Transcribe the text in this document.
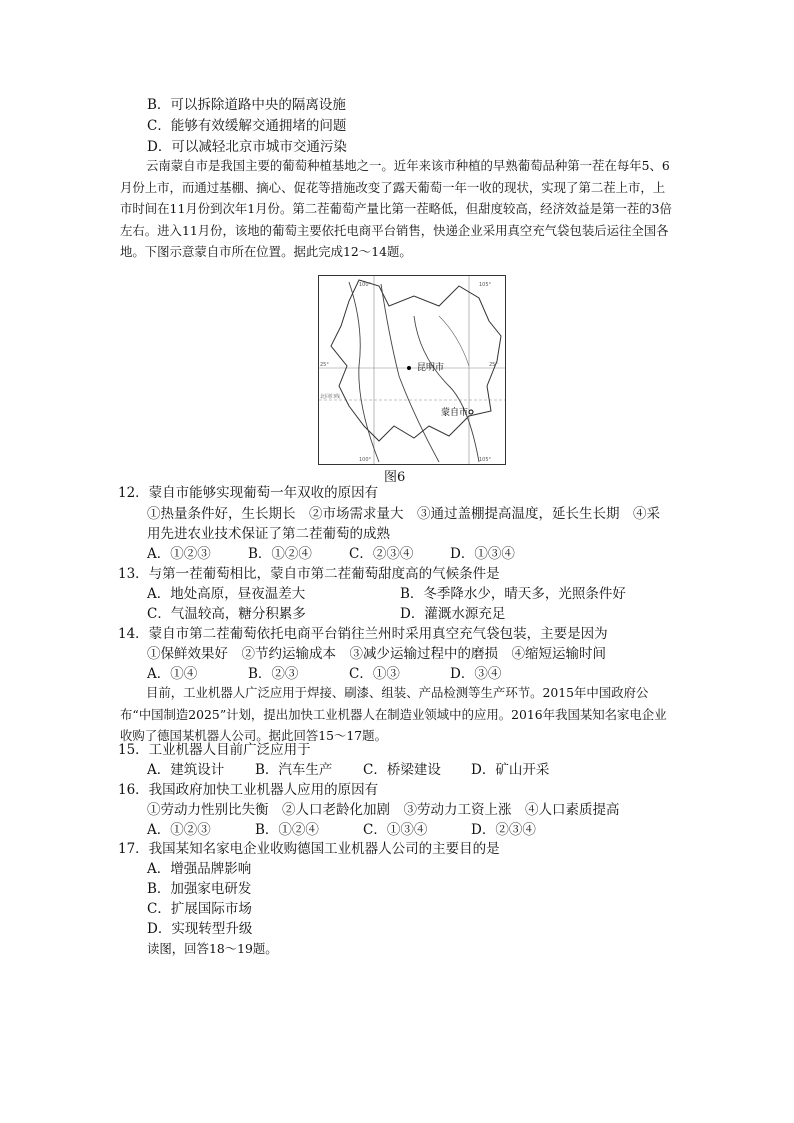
B．可以拆除道路中央的隔离设施
C．能够有效缓解交通拥堵的问题
D．可以减轻北京市城市交通污染
云南蒙自市是我国主要的葡萄种植基地之一。近年来该市种植的早熟葡萄品种第一茬在每年5、6月份上市，而通过基棚、摘心、促花等措施改变了露天葡萄一年一收的现状，实现了第二茬上市，上市时间在11月份到次年1月份。第二茬葡萄产量比第一茬略低，但甜度较高，经济效益是第一茬的3倍左右。进入11月份，该地的葡萄主要依托电商平台销售，快递企业采用真空充气袋包装后运往全国各地。下图示意蒙自市所在位置。据此完成12～14题。
昆明市
蒙自市
100°	105°
25°	25°
北回归线
100°	105°
图6
12．蒙自市能够实现葡萄一年双收的原因有
①热量条件好，生长期长　②市场需求量大　③通过盖棚提高温度，延长生长期　④采
用先进农业技术保证了第二茬葡萄的成熟
A．①②③	B．①②④	C．②③④	D．①③④
13．与第一茬葡萄相比，蒙自市第二茬葡萄甜度高的气候条件是
A．地处高原，昼夜温差大	B．冬季降水少，晴天多，光照条件好
C．气温较高，糖分积累多	D．灌溉水源充足
14．蒙自市第二茬葡萄依托电商平台销往兰州时采用真空充气袋包装，主要是因为
①保鲜效果好　②节约运输成本　③减少运输过程中的磨损　④缩短运输时间
A．①④	B．②③	C．①③	D．③④
目前，工业机器人广泛应用于焊接、刷漆、组装、产品检测等生产环节。2015年中国政府公布“中国制造2025”计划，提出加快工业机器人在制造业领域中的应用。2016年我国某知名家电企业收购了德国某机器人公司。据此回答15～17题。
15．工业机器人目前广泛应用于
A．建筑设计	B．汽车生产	C．桥梁建设	D．矿山开采
16．我国政府加快工业机器人应用的原因有
①劳动力性别比失衡　②人口老龄化加剧　③劳动力工资上涨　④人口素质提高
A．①②③	B．①②④	C．①③④	D．②③④
17．我国某知名家电企业收购德国工业机器人公司的主要目的是
A．增强品牌影响
B．加强家电研发
C．扩展国际市场
D．实现转型升级
读图，回答18～19题。
